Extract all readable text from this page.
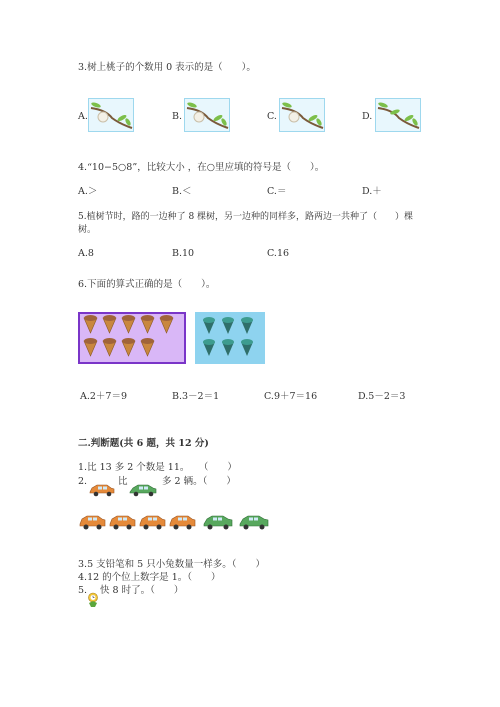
3.树上桃子的个数用 0 表示的是（　　）。
A.	B.	C.	D.
4.“10−5○8”，比较大小 ，在○里应填的符号是（　　）。
A.＞	B.＜	C.＝	D.＋
5.植树节时，路的一边种了 8 棵树，另一边种的同样多，路两边一共种了（　　）棵
树。
A.8	B.10	C.16
6.下面的算式正确的是（　　）。
A.2＋7＝9	B.3－2＝1	C.9＋7＝16	D.5－2＝3
二.判断题(共 6 题，共 12 分)
1.比 13 多 2 个数是 11。　　（　　）
2.	比	多 2 辆。（　　）
3.5 支铅笔和 5 只小兔数量一样多。（　　）
4.12 的个位上数字是 1。（　　）
5. 快 8 时了。（　　）
